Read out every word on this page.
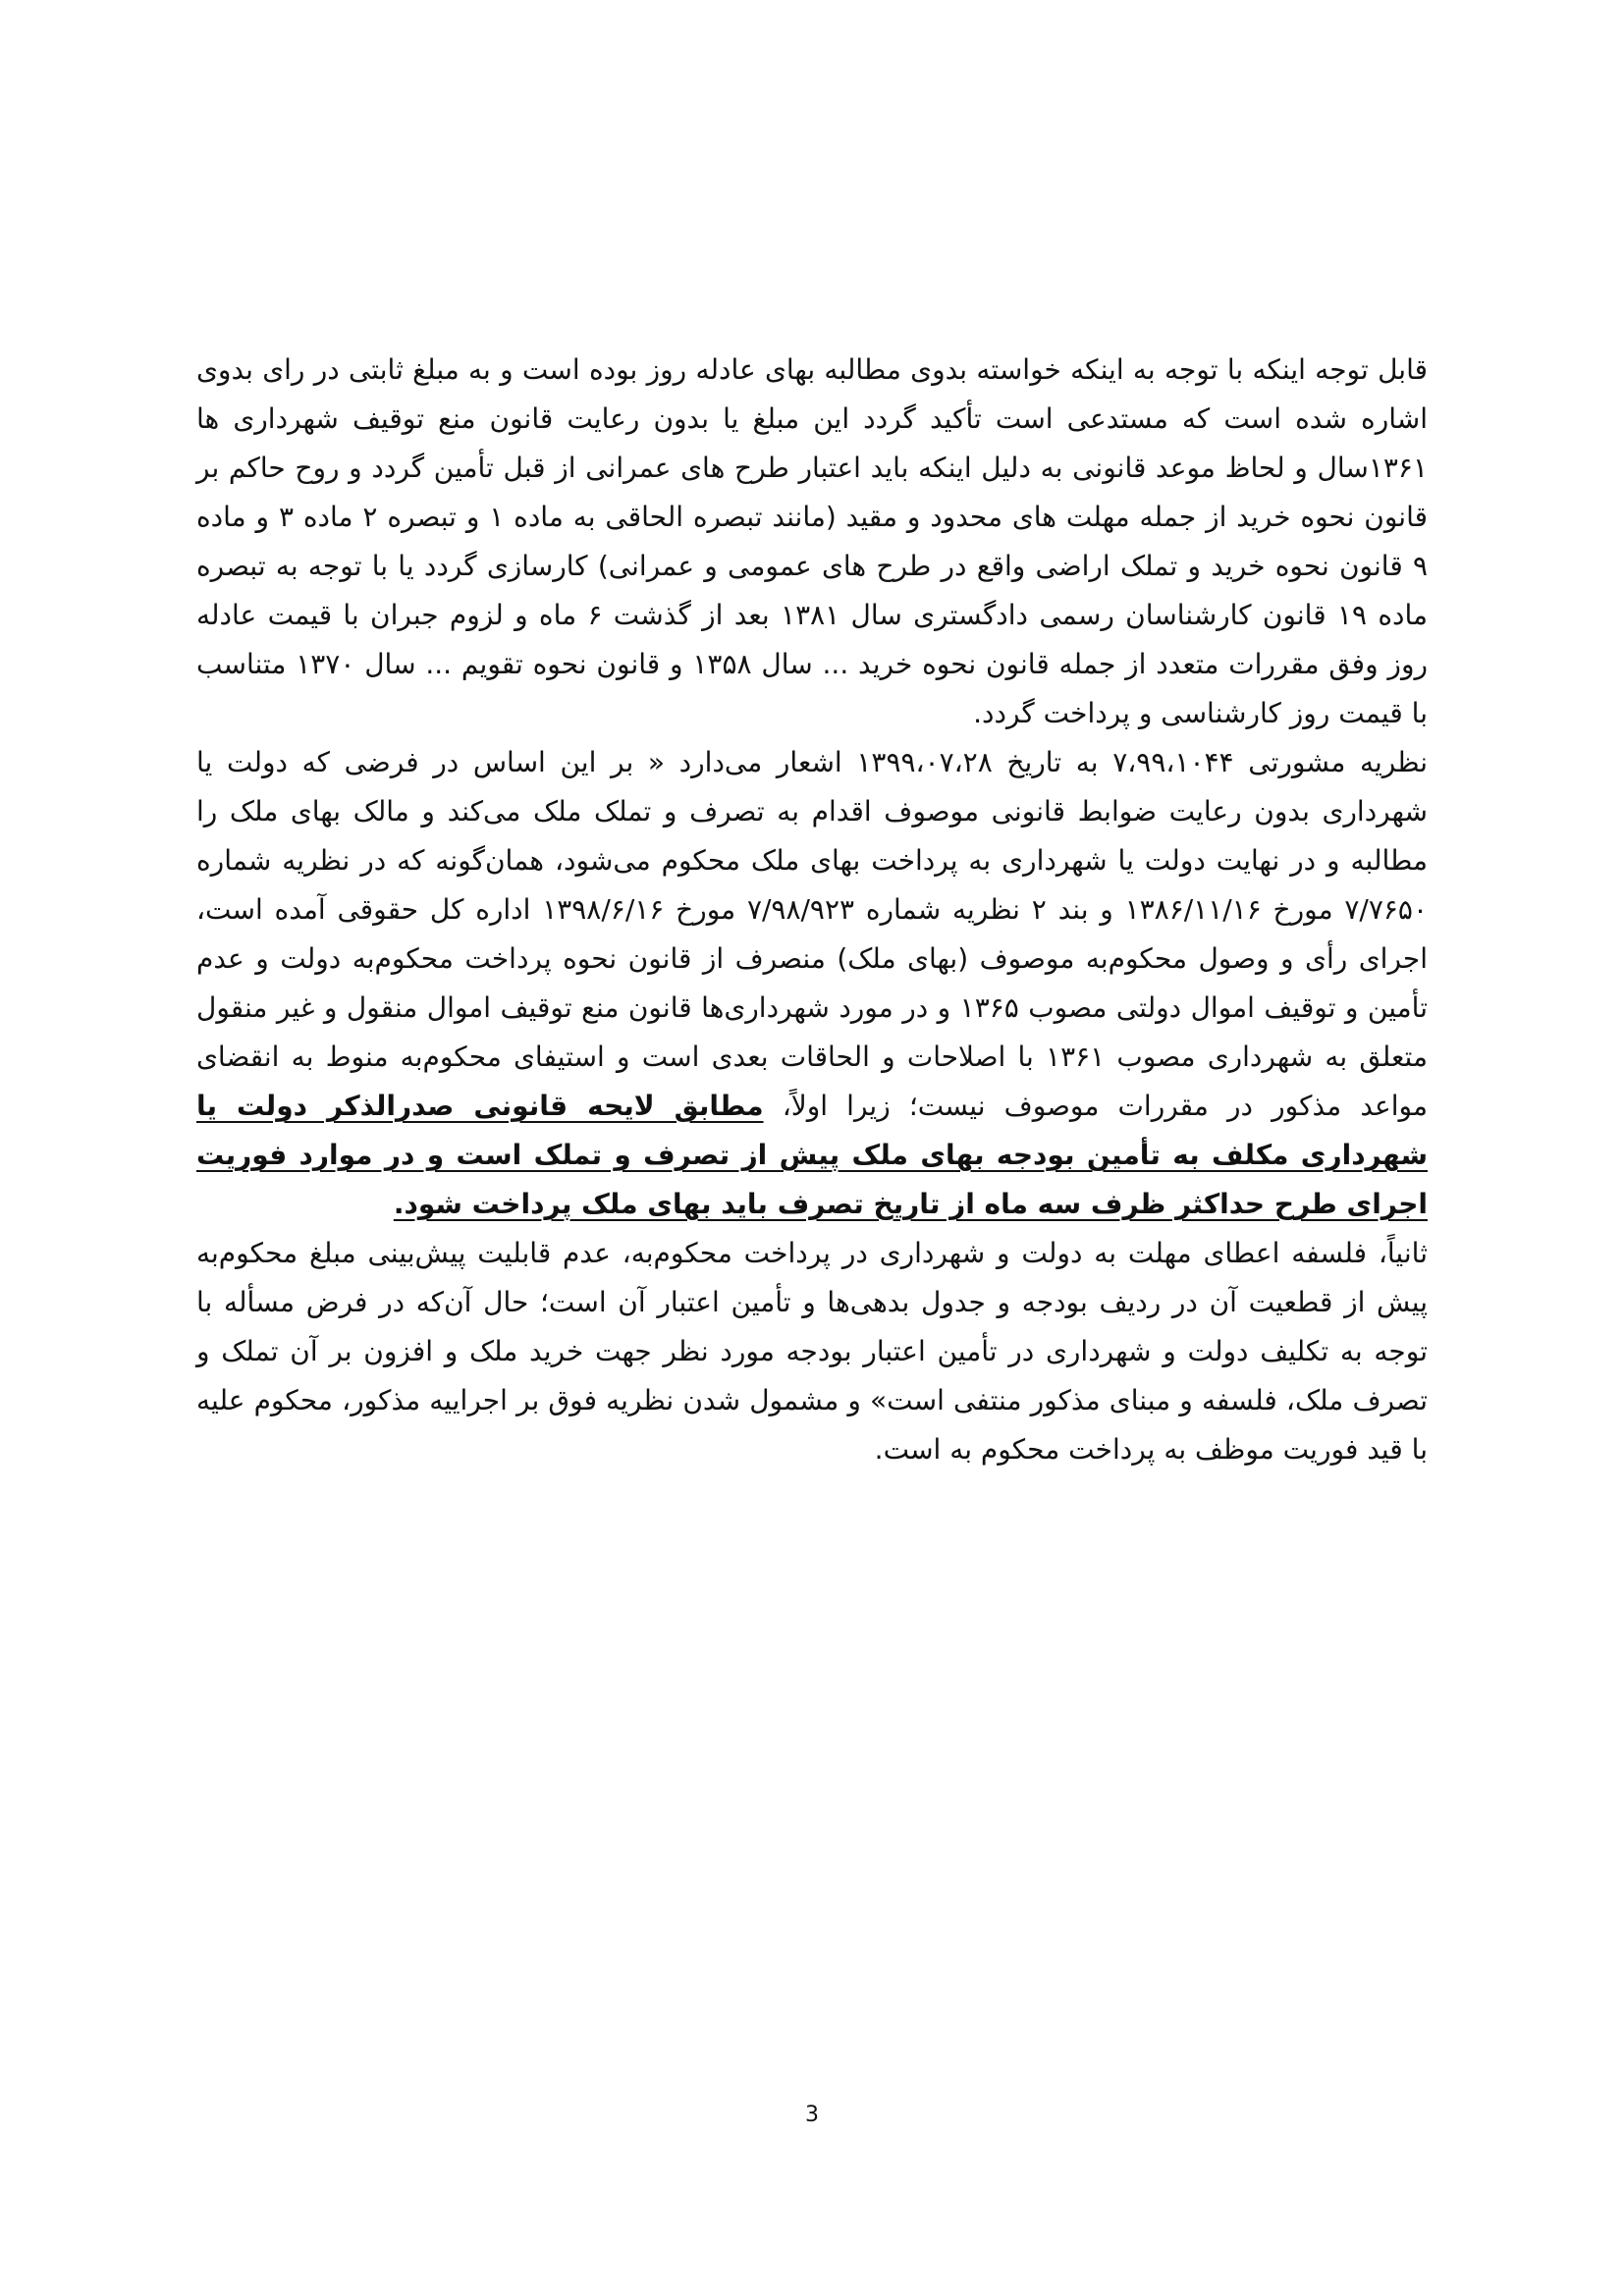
قابل توجه اینکه با توجه به اینکه خواسته بدوی مطالبه بهای عادله روز بوده است و به مبلغ ثابتی در رای بدوی اشاره شده است که مستدعی است تأکید گردد این مبلغ یا بدون رعایت قانون منع توقیف شهرداری ها ۱۳۶۱سال و لحاظ موعد قانونی به دلیل اینکه باید اعتبار طرح های عمرانی از قبل تأمین گردد و روح حاکم بر قانون نحوه خرید از جمله مهلت های محدود و مقید (مانند تبصره الحاقی به ماده ۱ و تبصره ۲ ماده ۳ و ماده ۹ قانون نحوه خرید و تملک اراضی واقع در طرح های عمومی و عمرانی) کارسازی گردد یا با توجه به تبصره ماده ۱۹ قانون کارشناسان رسمی دادگستری سال ۱۳۸۱ بعد از گذشت ۶ ماه و لزوم جبران با قیمت عادله روز وفق مقررات متعدد از جمله قانون نحوه خرید ... سال ۱۳۵۸ و قانون نحوه تقویم ... سال ۱۳۷۰ متناسب با قیمت روز کارشناسی و پرداخت گردد.

نظریه مشورتی ۷،۹۹،۱۰۴۴ به تاریخ ۱۳۹۹،۰۷،۲۸ اشعار می‌دارد « بر این اساس در فرضی که دولت یا شهرداری بدون رعایت ضوابط قانونی موصوف اقدام به تصرف و تملک ملک می‌کند و مالک بهای ملک را مطالبه و در نهایت دولت یا شهرداری به پرداخت بهای ملک محکوم می‌شود، همان‌گونه که در نظریه شماره ۷/۷۶۵۰ مورخ ۱۳۸۶/۱۱/۱۶ و بند ۲ نظریه شماره ۷/۹۸/۹۲۳ مورخ ۱۳۹۸/۶/۱۶ اداره کل حقوقی آمده است، اجرای رأی و وصول محکوم‌به موصوف (بهای ملک) منصرف از قانون نحوه پرداخت محکوم‌به دولت و عدم تأمین و توقیف اموال دولتی مصوب ۱۳۶۵ و در مورد شهرداری‌ها قانون منع توقیف اموال منقول و غیر منقول متعلق به شهرداری مصوب ۱۳۶۱ با اصلاحات و الحاقات بعدی است و استیفای محکوم‌به منوط به انقضای مواعد مذکور در مقررات موصوف نیست؛ زیرا اولاً، مطابق لایحه قانونی صدرالذکر دولت یا شهرداری مکلف به تأمین بودجه بهای ملک پیش از تصرف و تملک است و در موارد فوریت اجرای طرح حداکثر ظرف سه ماه از تاریخ تصرف باید بهای ملک پرداخت شود.

ثانیاً، فلسفه اعطای مهلت به دولت و شهرداری در پرداخت محکوم‌به، عدم قابلیت پیش‌بینی مبلغ محکوم‌به پیش از قطعیت آن در ردیف بودجه و جدول بدهی‌ها و تأمین اعتبار آن است؛ حال آن‌که در فرض مسأله با توجه به تکلیف دولت و شهرداری در تأمین اعتبار بودجه مورد نظر جهت خرید ملک و افزون بر آن تملک و تصرف ملک، فلسفه و مبنای مذکور منتفی است» و مشمول شدن نظریه فوق بر اجراییه مذکور، محکوم علیه با قید فوریت موظف به پرداخت محکوم به است.

3
